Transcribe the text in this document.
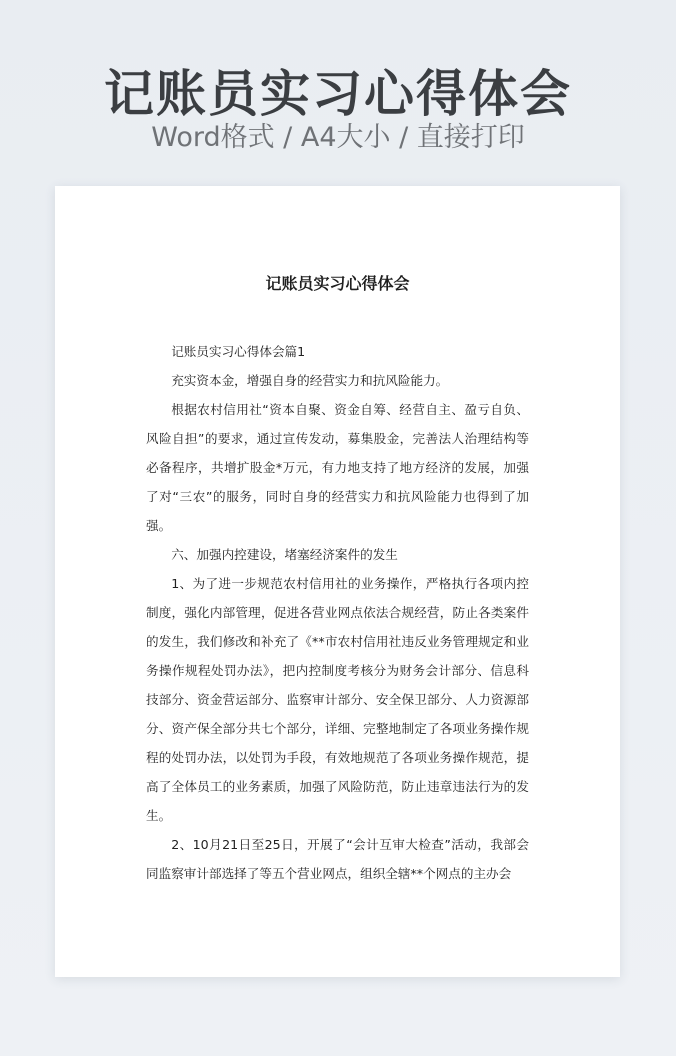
记账员实习心得体会
Word格式 / A4大小 / 直接打印
记账员实习心得体会

记账员实习心得体会篇1

充实资本金，增强自身的经营实力和抗风险能力。

根据农村信用社“资本自聚、资金自筹、经营自主、盈亏自负、风险自担”的要求，通过宣传发动，募集股金，完善法人治理结构等必备程序，共增扩股金*万元，有力地支持了地方经济的发展，加强了对“三农”的服务，同时自身的经营实力和抗风险能力也得到了加强。

六、加强内控建设，堵塞经济案件的发生

1、为了进一步规范农村信用社的业务操作，严格执行各项内控制度，强化内部管理，促进各营业网点依法合规经营，防止各类案件的发生，我们修改和补充了《**市农村信用社违反业务管理规定和业务操作规程处罚办法》，把内控制度考核分为财务会计部分、信息科技部分、资金营运部分、监察审计部分、安全保卫部分、人力资源部分、资产保全部分共七个部分，详细、完整地制定了各项业务操作规程的处罚办法，以处罚为手段，有效地规范了各项业务操作规范，提高了全体员工的业务素质，加强了风险防范，防止违章违法行为的发生。

2、10月21日至25日，开展了“会计互审大检查”活动，我部会同监察审计部选择了等五个营业网点，组织全辖**个网点的主办会
